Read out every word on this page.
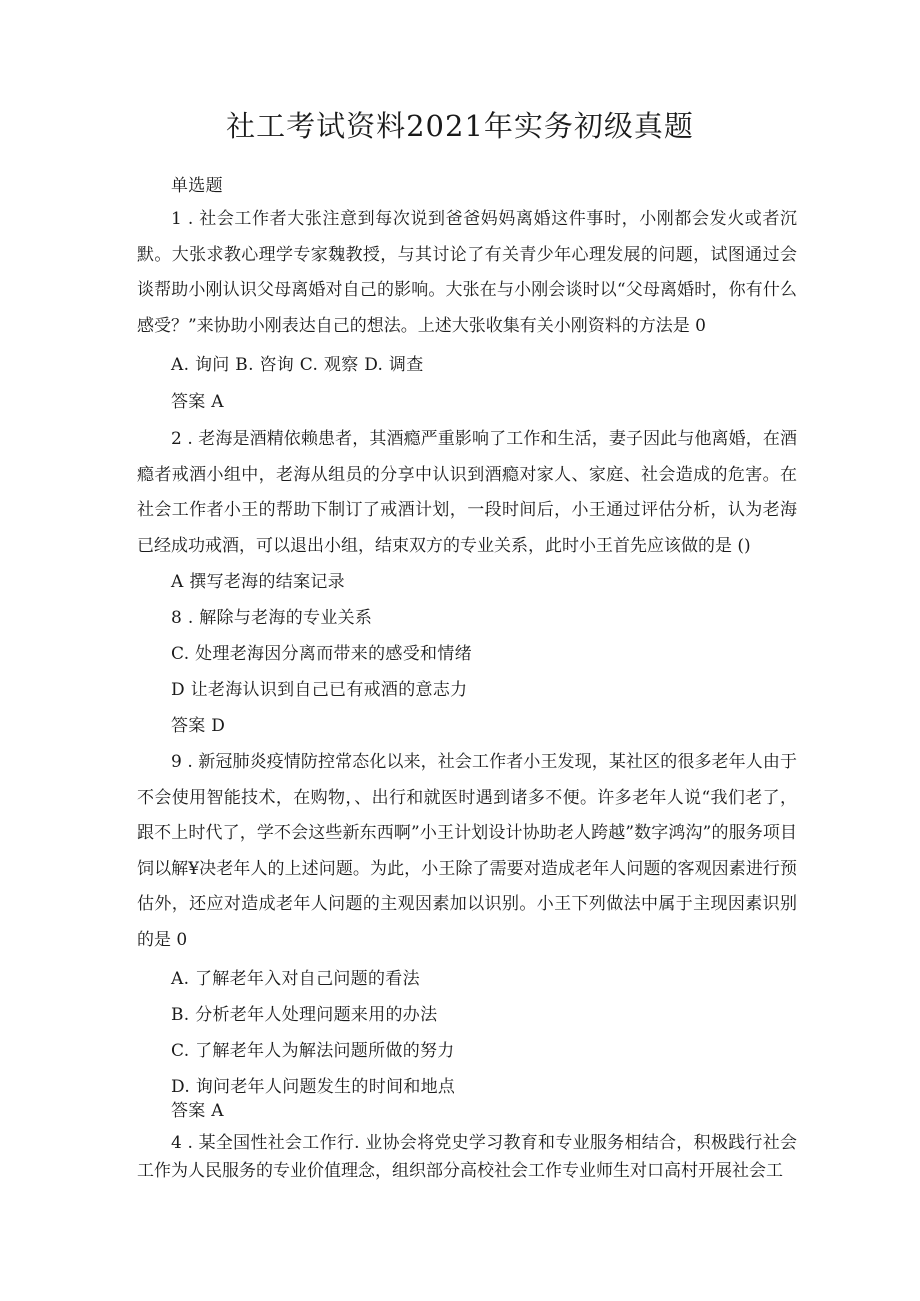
社工考试资料2021年实务初级真题
单选题
1 . 社会工作者大张注意到每次说到爸爸妈妈离婚这件事时，小刚都会发火或者沉默。大张求教心理学专家魏教授，与其讨论了有关青少年心理发展的问题，试图通过会谈帮助小刚认识父母离婚对自己的影响。大张在与小刚会谈时以“父母离婚时，你有什么感受？”来协助小刚表达自己的想法。上述大张收集有关小刚资料的方法是 0
A. 询问 B. 咨询 C. 观察 D. 调查
答案 A
2 . 老海是酒精依赖患者，其酒瘾严重影响了工作和生活，妻子因此与他离婚，在酒瘾者戒酒小组中，老海从组员的分享中认识到酒瘾对家人、家庭、社会造成的危害。在社会工作者小王的帮助下制订了戒酒计划，一段时间后，小王通过评估分析，认为老海已经成功戒酒，可以退出小组，结束双方的专业关系，此时小王首先应该做的是 ()
A 撰写老海的结案记录
8 . 解除与老海的专业关系
C. 处理老海因分离而带来的感受和情绪
D 让老海认识到自己已有戒酒的意志力
答案 D
9 . 新冠肺炎疫情防控常态化以来，社会工作者小王发现，某社区的很多老年人由于不会使用智能技术，在购物，、出行和就医时遇到诸多不便。许多老年人说“我们老了，跟不上时代了，学不会这些新东西啊”小王计划设计协助老人跨越”数字鸿沟”的服务项目饲以解¥决老年人的上述问题。为此，小王除了需要对造成老年人问题的客观因素进行预估外，还应对造成老年人问题的主观因素加以识别。小王下列做法中属于主现因素识别的是 0
A. 了解老年入对自己问题的看法
B. 分析老年人处理问题来用的办法
C. 了解老年人为解法问题所做的努力
D. 询问老年人问题发生的时间和地点
答案 A
4 . 某全国性社会工作行. 业协会将党史学习教育和专业服务相结合，积极践行社会工作为人民服务的专业价值理念，组织部分高校社会工作专业师生对口高村开展社会工
